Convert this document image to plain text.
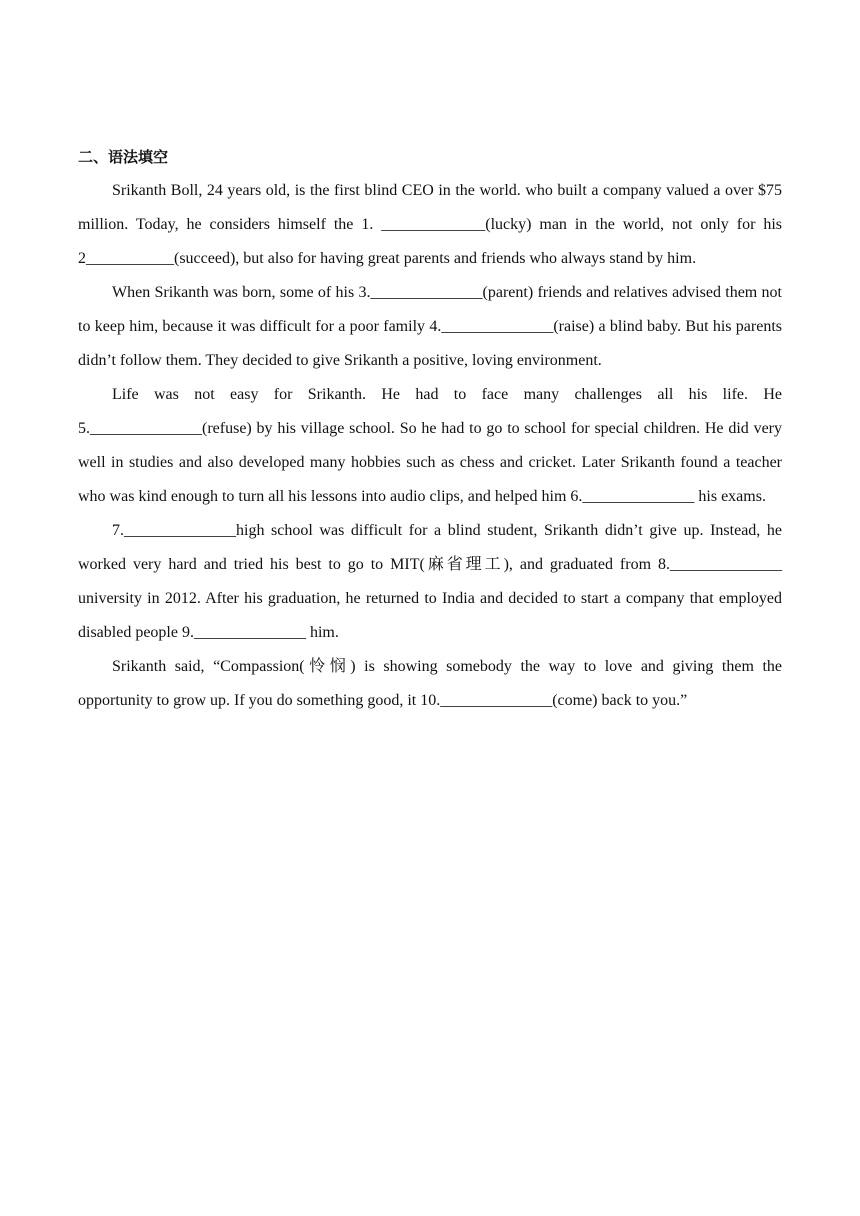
二、语法填空

Srikanth Boll, 24 years old, is the first blind CEO in the world. who built a company valued a over $75 million. Today, he considers himself the 1. _____________(lucky) man in the world, not only for his 2___________(succeed), but also for having great parents and friends who always stand by him.

When Srikanth was born, some of his 3.______________(parent) friends and relatives advised them not to keep him, because it was difficult for a poor family 4.______________(raise) a blind baby. But his parents didn’t follow them. They decided to give Srikanth a positive, loving environment.

Life was not easy for Srikanth. He had to face many challenges all his life. He 5.______________(refuse) by his village school. So he had to go to school for special children. He did very well in studies and also developed many hobbies such as chess and cricket. Later Srikanth found a teacher who was kind enough to turn all his lessons into audio clips, and helped him 6.______________ his exams.

7.______________high school was difficult for a blind student, Srikanth didn’t give up. Instead, he worked very hard and tried his best to go to MIT(麻省理工), and graduated from 8.______________ university in 2012. After his graduation, he returned to India and decided to start a company that employed disabled people 9.______________ him.

Srikanth said, “Compassion(怜悯) is showing somebody the way to love and giving them the opportunity to grow up. If you do something good, it 10.______________(come) back to you.”
